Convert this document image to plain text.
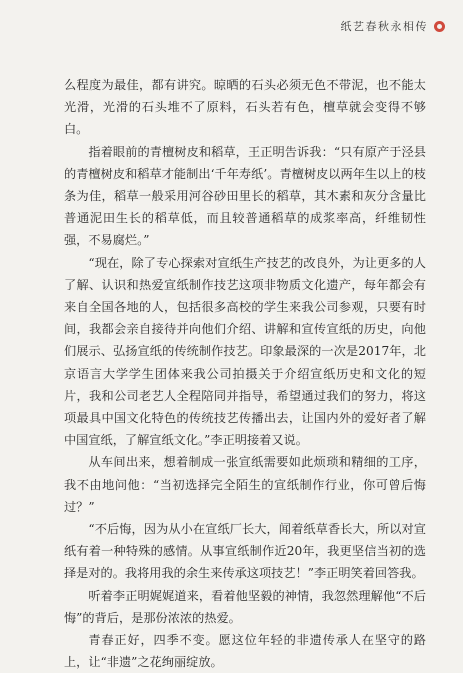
纸艺春秋永相传

么程度为最佳，都有讲究。晾晒的石头必须无色不带泥，也不能太光滑，光滑的石头堆不了原料，石头若有色，檀草就会变得不够白。

指着眼前的青檀树皮和稻草，王正明告诉我：“只有原产于泾县的青檀树皮和稻草才能制出‘千年寿纸’。青檀树皮以两年生以上的枝条为佳，稻草一般采用河谷砂田里长的稻草，其木素和灰分含量比普通泥田生长的稻草低，而且较普通稻草的成浆率高，纤维韧性强，不易腐烂。”

“现在，除了专心探索对宣纸生产技艺的改良外，为让更多的人了解、认识和热爱宣纸制作技艺这项非物质文化遗产，每年都会有来自全国各地的人，包括很多高校的学生来我公司参观，只要有时间，我都会亲自接待并向他们介绍、讲解和宣传宣纸的历史，向他们展示、弘扬宣纸的传统制作技艺。印象最深的一次是2017年，北京语言大学学生团体来我公司拍摄关于介绍宣纸历史和文化的短片，我和公司老艺人全程陪同并指导，希望通过我们的努力，将这项最具中国文化特色的传统技艺传播出去，让国内外的爱好者了解中国宣纸，了解宣纸文化。”李正明接着又说。

从车间出来，想着制成一张宣纸需要如此烦琐和精细的工序，我不由地问他：“当初选择完全陌生的宣纸制作行业，你可曾后悔过？”

“不后悔，因为从小在宣纸厂长大，闻着纸草香长大，所以对宣纸有着一种特殊的感情。从事宣纸制作近20年，我更坚信当初的选择是对的。我将用我的余生来传承这项技艺！”李正明笑着回答我。

听着李正明娓娓道来，看着他坚毅的神情，我忽然理解他“不后悔”的背后，是那份浓浓的热爱。

青春正好，四季不变。愿这位年轻的非遗传承人在坚守的路上，让“非遗”之花绚丽绽放。
